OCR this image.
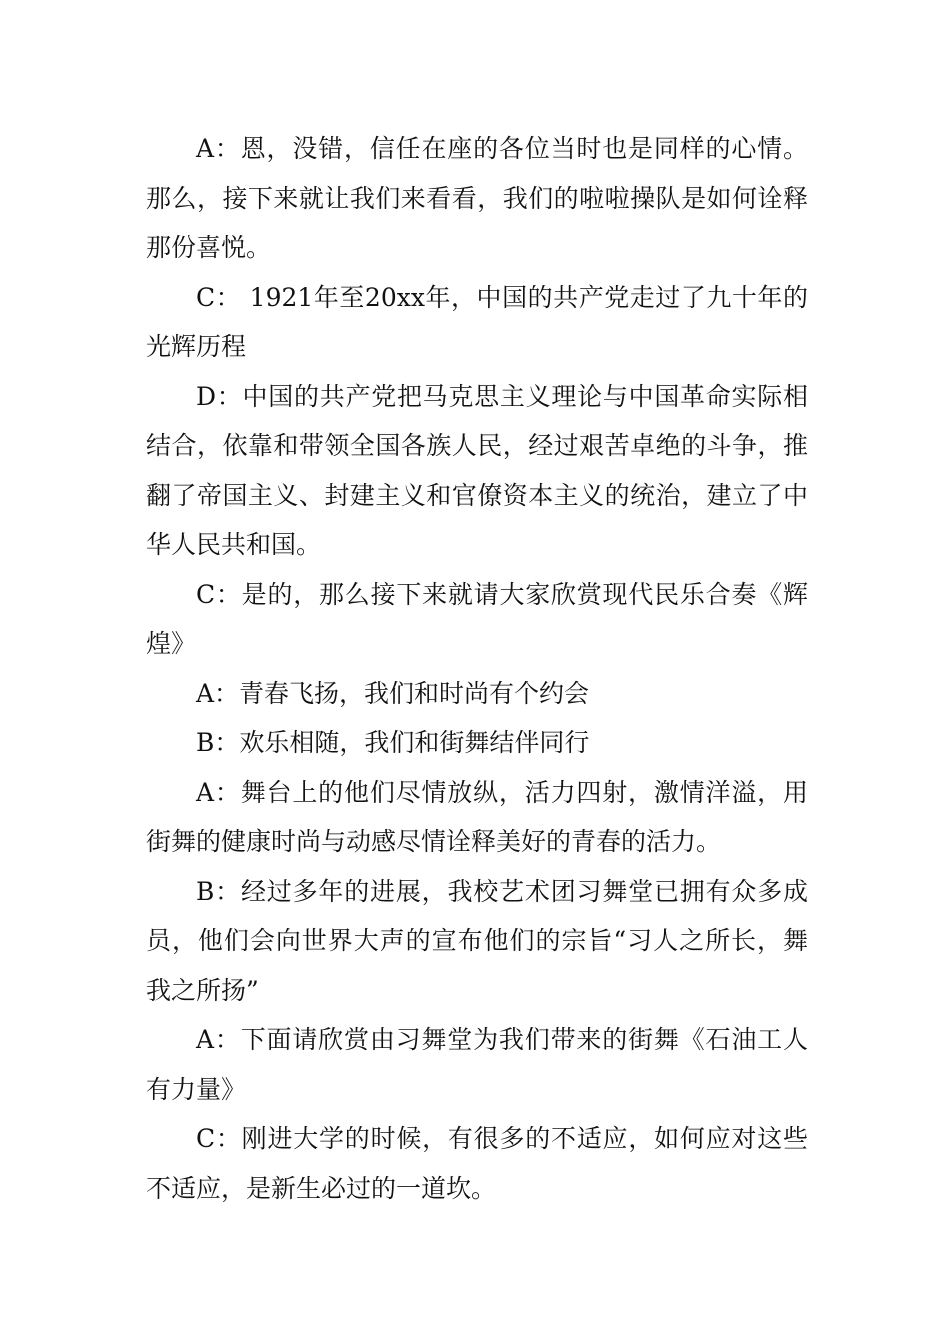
A：恩，没错，信任在座的各位当时也是同样的心情。那么，接下来就让我们来看看，我们的啦啦操队是如何诠释那份喜悦。

C： 1921年至20xx年，中国的共产党走过了九十年的光辉历程

D：中国的共产党把马克思主义理论与中国革命实际相结合，依靠和带领全国各族人民，经过艰苦卓绝的斗争，推翻了帝国主义、封建主义和官僚资本主义的统治，建立了中华人民共和国。

C：是的，那么接下来就请大家欣赏现代民乐合奏《辉煌》

A：青春飞扬，我们和时尚有个约会

B：欢乐相随，我们和街舞结伴同行

A：舞台上的他们尽情放纵，活力四射，激情洋溢，用街舞的健康时尚与动感尽情诠释美好的青春的活力。

B：经过多年的进展，我校艺术团习舞堂已拥有众多成员，他们会向世界大声的宣布他们的宗旨“习人之所长，舞我之所扬”

A：下面请欣赏由习舞堂为我们带来的街舞《石油工人有力量》

C：刚进大学的时候，有很多的不适应，如何应对这些不适应，是新生必过的一道坎。
